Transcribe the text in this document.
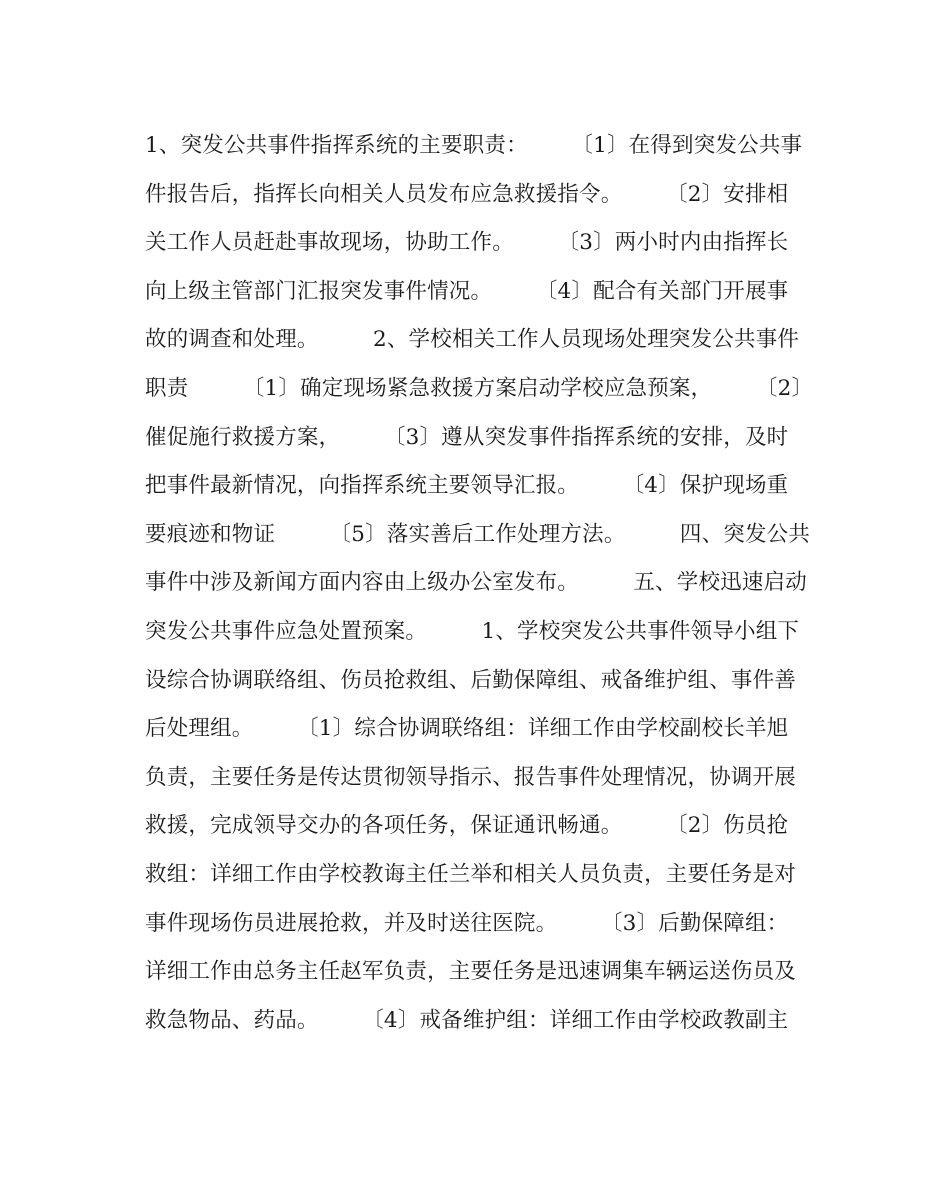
1、突发公共事件指挥系统的主要职责：　　　〔1〕在得到突发公共事
件报告后，指挥长向相关人员发布应急救援指令。　　　〔2〕安排相
关工作人员赶赴事故现场，协助工作。　　　〔3〕两小时内由指挥长
向上级主管部门汇报突发事件情况。　　　〔4〕配合有关部门开展事
故的调查和处理。　　　2、学校相关工作人员现场处理突发公共事件
职责　　　〔1〕确定现场紧急救援方案启动学校应急预案，　　　〔2〕
催促施行救援方案，　　　〔3〕遵从突发事件指挥系统的安排，及时
把事件最新情况，向指挥系统主要领导汇报。　　　〔4〕保护现场重
要痕迹和物证　　　〔5〕落实善后工作处理方法。　　　四、突发公共
事件中涉及新闻方面内容由上级办公室发布。　　　五、学校迅速启动
突发公共事件应急处置预案。　　　1、学校突发公共事件领导小组下
设综合协调联络组、伤员抢救组、后勤保障组、戒备维护组、事件善
后处理组。　　　〔1〕综合协调联络组：详细工作由学校副校长羊旭
负责，主要任务是传达贯彻领导指示、报告事件处理情况，协调开展
救援，完成领导交办的各项任务，保证通讯畅通。　　　〔2〕伤员抢
救组：详细工作由学校教诲主任兰举和相关人员负责，主要任务是对
事件现场伤员进展抢救，并及时送往医院。　　　〔3〕后勤保障组：
详细工作由总务主任赵军负责，主要任务是迅速调集车辆运送伤员及
救急物品、药品。　　　〔4〕戒备维护组：详细工作由学校政教副主
